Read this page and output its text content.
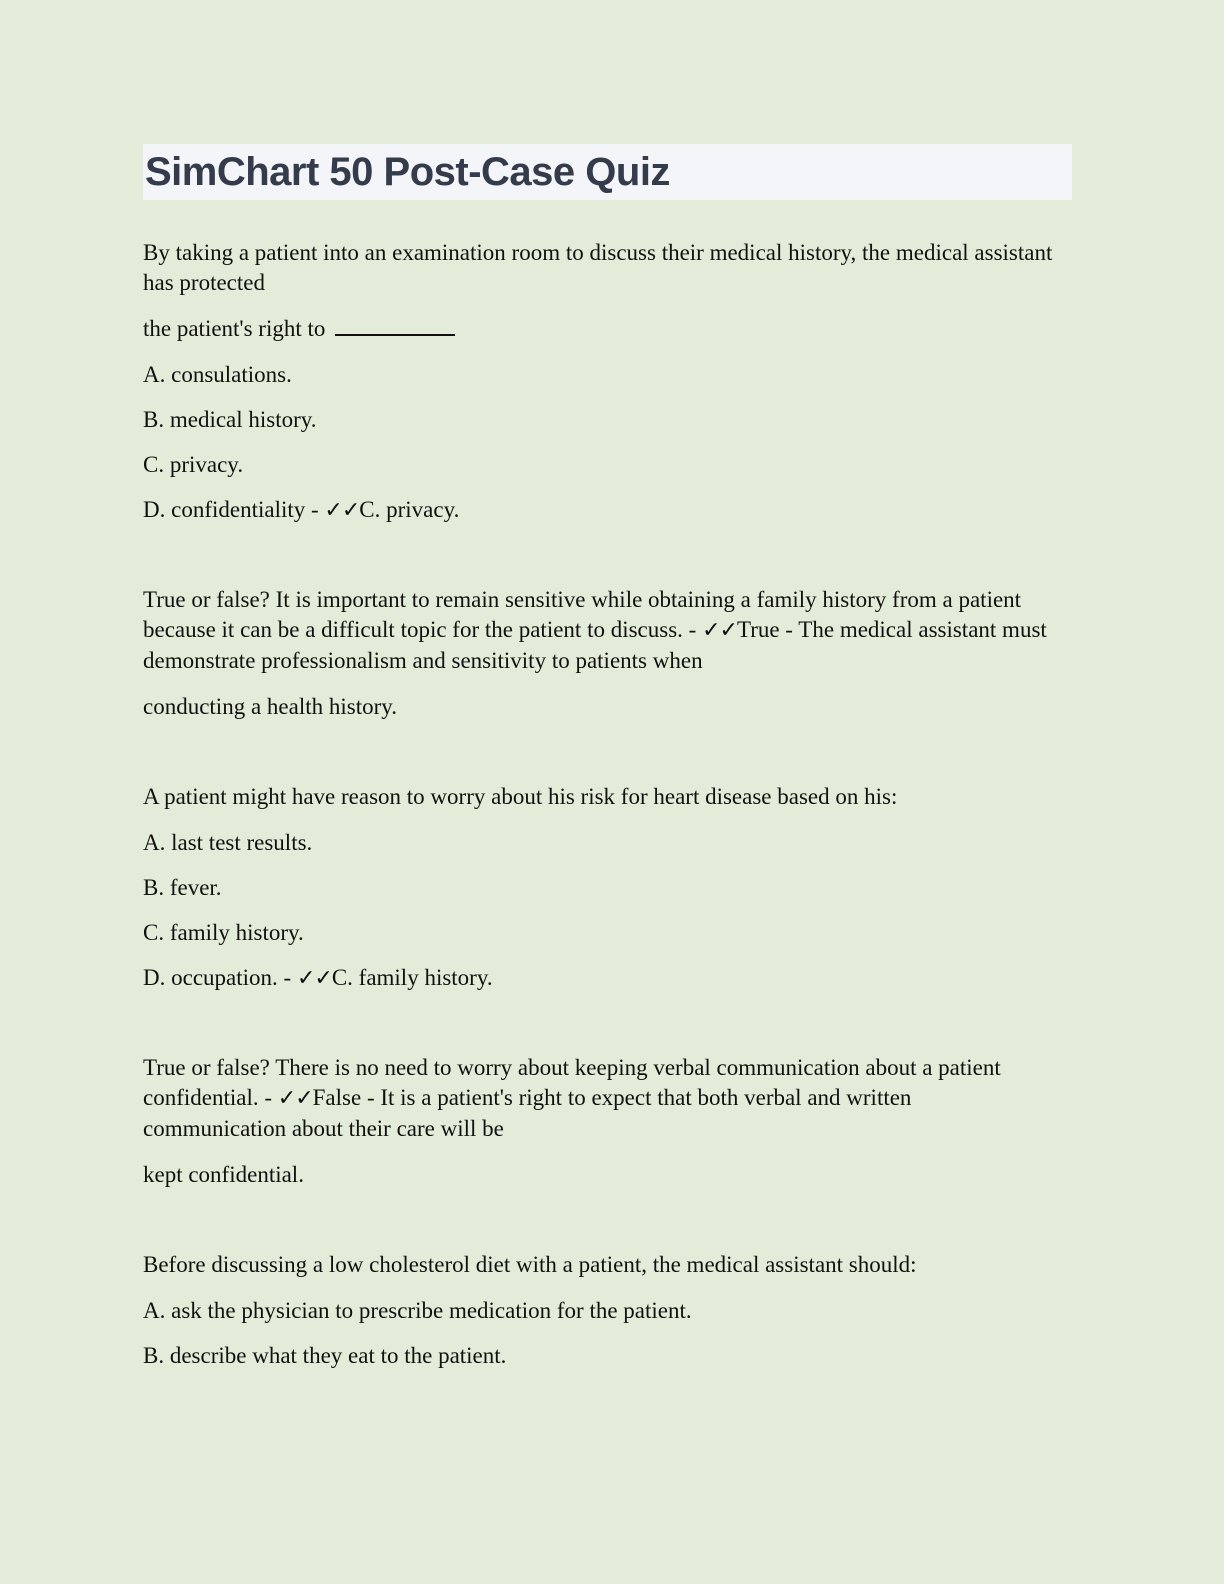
SimChart 50 Post-Case Quiz

By taking a patient into an examination room to discuss their medical history, the medical assistant has protected

the patient's right to

A. consulations.

B. medical history.

C. privacy.

D. confidentiality - ✓✓C. privacy.

True or false? It is important to remain sensitive while obtaining a family history from a patient because it can be a difficult topic for the patient to discuss. - ✓✓True - The medical assistant must demonstrate professionalism and sensitivity to patients when

conducting a health history.

A patient might have reason to worry about his risk for heart disease based on his:

A. last test results.

B. fever.

C. family history.

D. occupation. - ✓✓C. family history.

True or false? There is no need to worry about keeping verbal communication about a patient confidential. - ✓✓False - It is a patient's right to expect that both verbal and written communication about their care will be

kept confidential.

Before discussing a low cholesterol diet with a patient, the medical assistant should:

A. ask the physician to prescribe medication for the patient.

B. describe what they eat to the patient.
